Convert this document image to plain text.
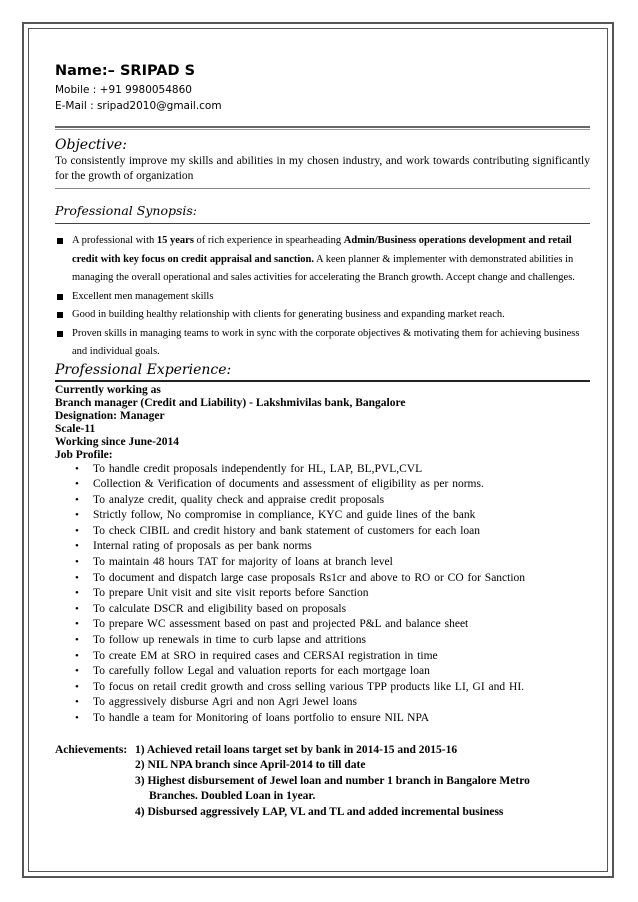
Name:– SRIPAD S
Mobile : +91 9980054860
E-Mail : sripad2010@gmail.com
Objective:
To consistently improve my skills and abilities in my chosen industry, and work towards contributing significantly for the growth of organization
Professional Synopsis:
A professional with 15 years of rich experience in spearheading Admin/Business operations development and retail credit with key focus on credit appraisal and sanction. A keen planner & implementer with demonstrated abilities in managing the overall operational and sales activities for accelerating the Branch growth. Accept change and challenges.
Excellent men management skills
Good in building healthy relationship with clients for generating business and expanding market reach.
Proven skills in managing teams to work in sync with the corporate objectives & motivating them for achieving business and individual goals.
Professional Experience:
Currently working as
Branch manager (Credit and Liability) - Lakshmivilas bank, Bangalore
Designation: Manager
Scale-11
Working since June-2014
Job Profile:
• To handle credit proposals independently for HL, LAP, BL,PVL,CVL
• Collection & Verification of documents and assessment of eligibility as per norms.
• To analyze credit, quality check and appraise credit proposals
• Strictly follow, No compromise in compliance, KYC and guide lines of the bank
• To check CIBIL and credit history and bank statement of customers for each loan
• Internal rating of proposals as per bank norms
• To maintain 48 hours TAT for majority of loans at branch level
• To document and dispatch large case proposals Rs1cr and above to RO or CO for Sanction
• To prepare Unit visit and site visit reports before Sanction
• To calculate DSCR and eligibility based on proposals
• To prepare WC assessment based on past and projected P&L and balance sheet
• To follow up renewals in time to curb lapse and attritions
• To create EM at SRO in required cases and CERSAI registration in time
• To carefully follow Legal and valuation reports for each mortgage loan
• To focus on retail credit growth and cross selling various TPP products like LI, GI and HI.
• To aggressively disburse Agri and non Agri Jewel loans
• To handle a team for Monitoring of loans portfolio to ensure NIL NPA
Achievements: 1) Achieved retail loans target set by bank in 2014-15 and 2015-16
2) NIL NPA branch since April-2014 to till date
3) Highest disbursement of Jewel loan and number 1 branch in Bangalore Metro
Branches. Doubled Loan in 1year.
4) Disbursed aggressively LAP, VL and TL and added incremental business
